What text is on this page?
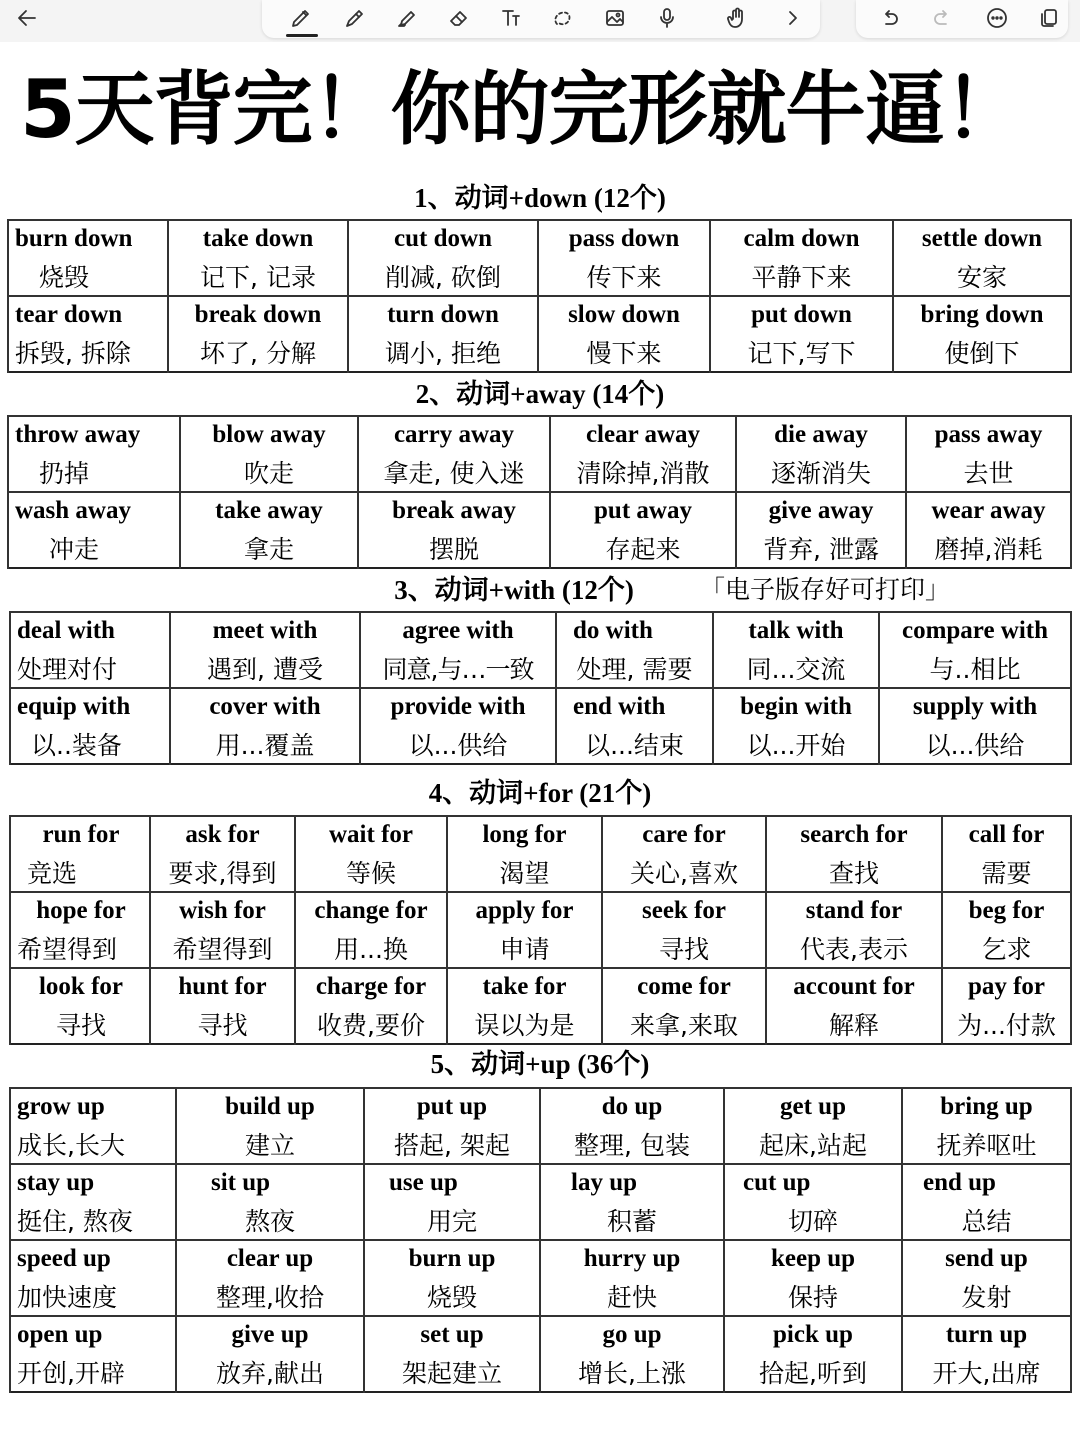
5天背完！你的完形就牛逼！
1、动词+down (12个)
burn down	take down	cut down	pass down	calm down	settle down
烧毁	记下, 记录	削减, 砍倒	传下来	平静下来	安家
tear down	break down	turn down	slow down	put down	bring down
拆毁, 拆除	坏了, 分解	调小, 拒绝	慢下来	记下,写下	使倒下
2、动词+away (14个)
throw away	blow away	carry away	clear away	die away	pass away
扔掉	吹走	拿走, 使入迷	清除掉,消散	逐渐消失	去世
wash away	take away	break away	put away	give away	wear away
冲走	拿走	摆脱	存起来	背弃, 泄露	磨掉,消耗
3、动词+with (12个)	「电子版存好可打印」
deal with	meet with	agree with	do with	talk with	compare with
处理对付	遇到, 遭受	同意,与…一致	处理, 需要	同...交流	与..相比
equip with	cover with	provide with	end with	begin with	supply with
以..装备	用...覆盖	以...供给	以...结束	以...开始	以...供给
4、动词+for (21个)
run for	ask for	wait for	long for	care for	search for	call for
竞选	要求,得到	等候	渴望	关心,喜欢	查找	需要
hope for	wish for	change for	apply for	seek for	stand for	beg for
希望得到	希望得到	用...换	申请	寻找	代表,表示	乞求
look for	hunt for	charge for	take for	come for	account for	pay for
寻找	寻找	收费,要价	误以为是	来拿,来取	解释	为...付款
5、动词+up (36个)
grow up	build up	put up	do up	get up	bring up
成长,长大	建立	搭起, 架起	整理, 包装	起床,站起	抚养呕吐
stay up	sit up	use up	lay up	cut up	end up
挺住, 熬夜	熬夜	用完	积蓄	切碎	总结
speed up	clear up	burn up	hurry up	keep up	send up
加快速度	整理,收拾	烧毁	赶快	保持	发射
open up	give up	set up	go up	pick up	turn up
开创,开辟	放弃,献出	架起建立	增长,上涨	拾起,听到	开大,出席
